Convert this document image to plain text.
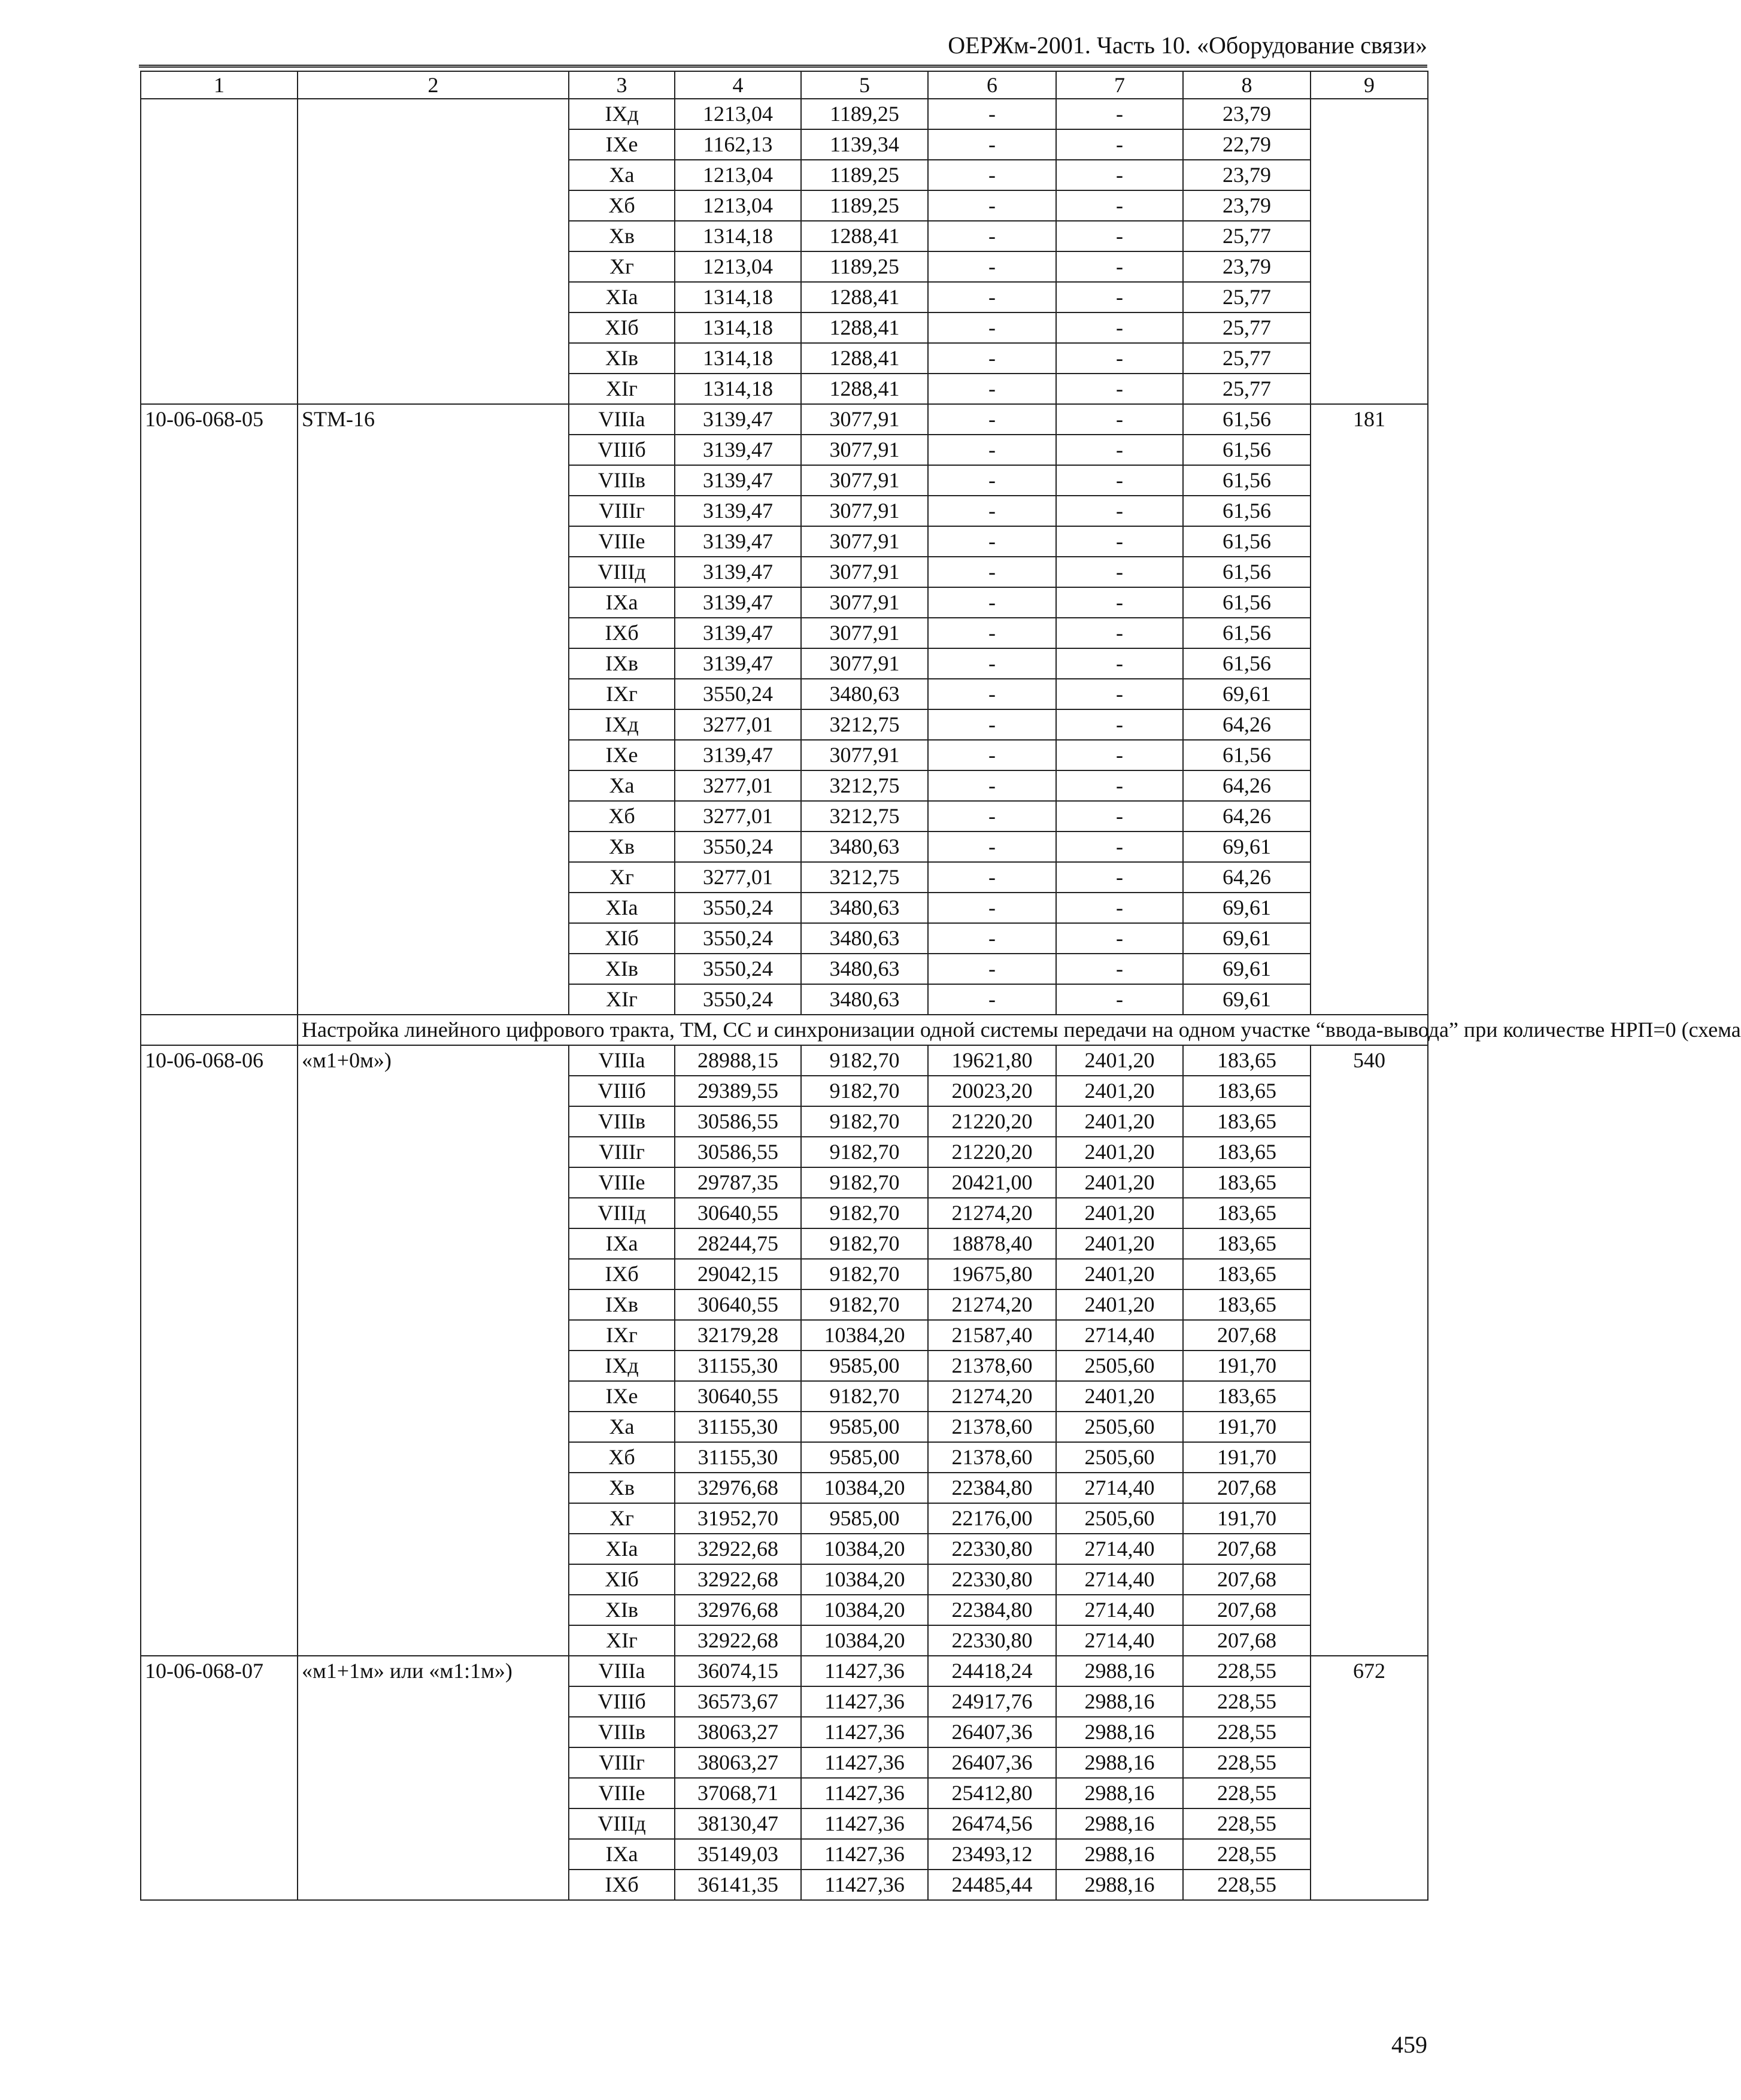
ОЕРЖм-2001. Часть 10. «Оборудование связи»
1	2	3	4	5	6	7	8	9
		IXд	1213,04	1189,25	-	-	23,79	
		IXе	1162,13	1139,34	-	-	22,79	
		Xа	1213,04	1189,25	-	-	23,79	
		Xб	1213,04	1189,25	-	-	23,79	
		Xв	1314,18	1288,41	-	-	25,77	
		Xг	1213,04	1189,25	-	-	23,79	
		XIа	1314,18	1288,41	-	-	25,77	
		XIб	1314,18	1288,41	-	-	25,77	
		XIв	1314,18	1288,41	-	-	25,77	
		XIг	1314,18	1288,41	-	-	25,77	
10-06-068-05	STM-16	VIIIа	3139,47	3077,91	-	-	61,56	181
		VIIIб	3139,47	3077,91	-	-	61,56	
		VIIIв	3139,47	3077,91	-	-	61,56	
		VIIIг	3139,47	3077,91	-	-	61,56	
		VIIIе	3139,47	3077,91	-	-	61,56	
		VIIIд	3139,47	3077,91	-	-	61,56	
		IXа	3139,47	3077,91	-	-	61,56	
		IXб	3139,47	3077,91	-	-	61,56	
		IXв	3139,47	3077,91	-	-	61,56	
		IXг	3550,24	3480,63	-	-	69,61	
		IXд	3277,01	3212,75	-	-	64,26	
		IXе	3139,47	3077,91	-	-	61,56	
		Xа	3277,01	3212,75	-	-	64,26	
		Xб	3277,01	3212,75	-	-	64,26	
		Xв	3550,24	3480,63	-	-	69,61	
		Xг	3277,01	3212,75	-	-	64,26	
		XIа	3550,24	3480,63	-	-	69,61	
		XIб	3550,24	3480,63	-	-	69,61	
		XIв	3550,24	3480,63	-	-	69,61	
		XIг	3550,24	3480,63	-	-	69,61	
	Настройка линейного цифрового тракта, ТМ, СС и синхронизации одной системы передачи на одном участке “ввода-вывода” при количестве НРП=0 (схема							
10-06-068-06	«м1+0м»)	VIIIа	28988,15	9182,70	19621,80	2401,20	183,65	540
		VIIIб	29389,55	9182,70	20023,20	2401,20	183,65	
		VIIIв	30586,55	9182,70	21220,20	2401,20	183,65	
		VIIIг	30586,55	9182,70	21220,20	2401,20	183,65	
		VIIIе	29787,35	9182,70	20421,00	2401,20	183,65	
		VIIIд	30640,55	9182,70	21274,20	2401,20	183,65	
		IXа	28244,75	9182,70	18878,40	2401,20	183,65	
		IXб	29042,15	9182,70	19675,80	2401,20	183,65	
		IXв	30640,55	9182,70	21274,20	2401,20	183,65	
		IXг	32179,28	10384,20	21587,40	2714,40	207,68	
		IXд	31155,30	9585,00	21378,60	2505,60	191,70	
		IXе	30640,55	9182,70	21274,20	2401,20	183,65	
		Xа	31155,30	9585,00	21378,60	2505,60	191,70	
		Xб	31155,30	9585,00	21378,60	2505,60	191,70	
		Xв	32976,68	10384,20	22384,80	2714,40	207,68	
		Xг	31952,70	9585,00	22176,00	2505,60	191,70	
		XIа	32922,68	10384,20	22330,80	2714,40	207,68	
		XIб	32922,68	10384,20	22330,80	2714,40	207,68	
		XIв	32976,68	10384,20	22384,80	2714,40	207,68	
		XIг	32922,68	10384,20	22330,80	2714,40	207,68	
10-06-068-07	«м1+1м» или «м1:1м»)	VIIIа	36074,15	11427,36	24418,24	2988,16	228,55	672
		VIIIб	36573,67	11427,36	24917,76	2988,16	228,55	
		VIIIв	38063,27	11427,36	26407,36	2988,16	228,55	
		VIIIг	38063,27	11427,36	26407,36	2988,16	228,55	
		VIIIе	37068,71	11427,36	25412,80	2988,16	228,55	
		VIIIд	38130,47	11427,36	26474,56	2988,16	228,55	
		IXа	35149,03	11427,36	23493,12	2988,16	228,55	
		IXб	36141,35	11427,36	24485,44	2988,16	228,55	
459
